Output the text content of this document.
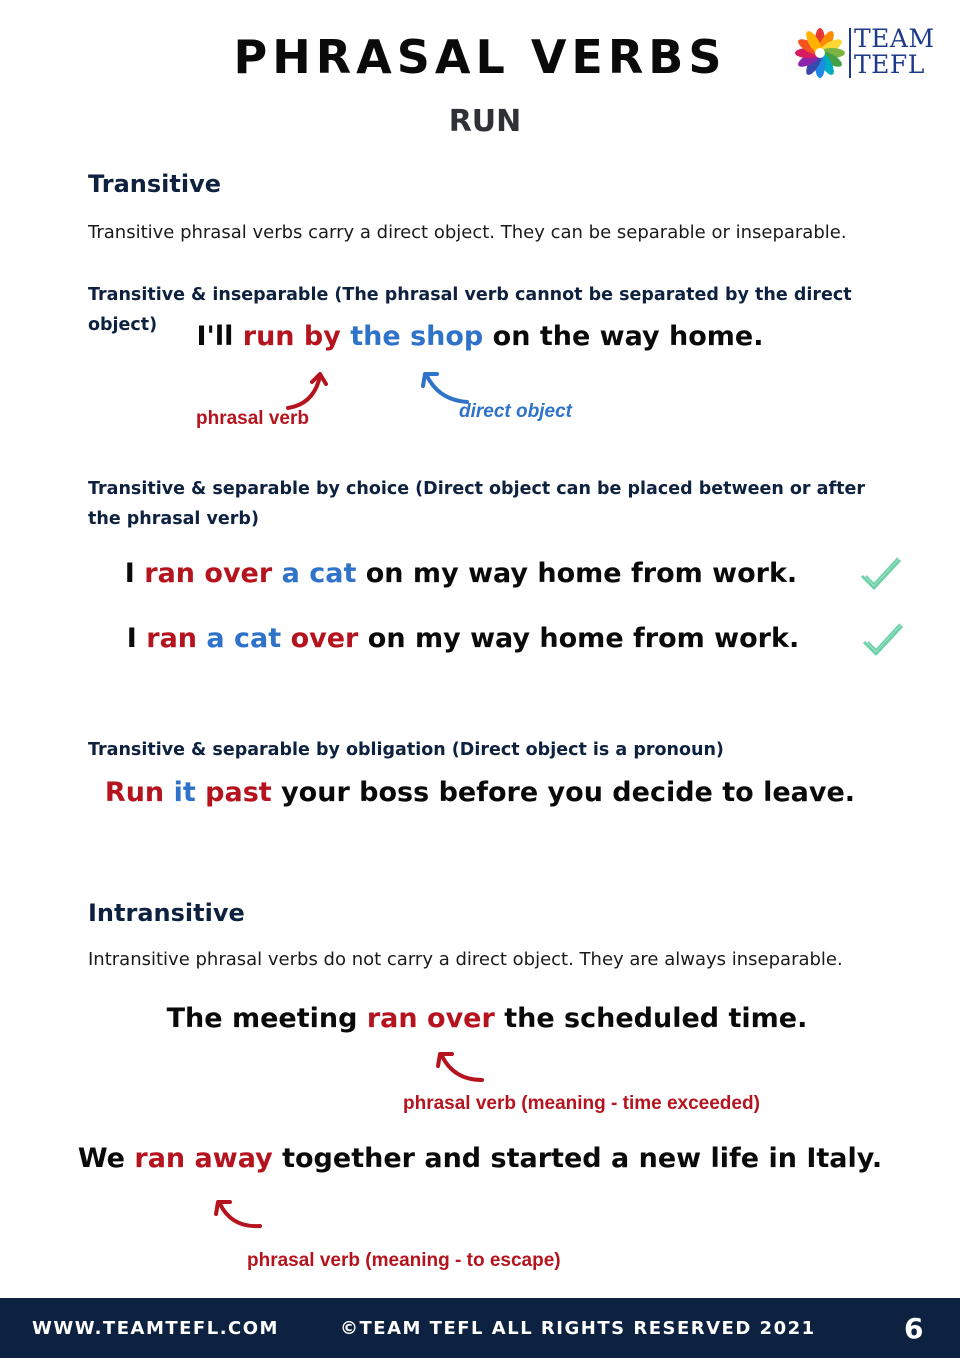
PHRASAL VERBS
RUN
TEAM
TEFL
Transitive
Transitive phrasal verbs carry a direct object. They can be separable or inseparable.
Transitive & inseparable (The phrasal verb cannot be separated by the direct object)	I'll run by the shop on the way home.
phrasal verb	direct object
Transitive & separable by choice (Direct object can be placed between or after the phrasal verb)
I ran over a cat on my way home from work.
I ran a cat over on my way home from work.
Transitive & separable by obligation (Direct object is a pronoun)
Run it past your boss before you decide to leave.
Intransitive
Intransitive phrasal verbs do not carry a direct object. They are always inseparable.
The meeting ran over the scheduled time.
phrasal verb (meaning - time exceeded)
We ran away together and started a new life in Italy.
phrasal verb (meaning - to escape)
WWW.TEAMTEFL.COM	©TEAM TEFL ALL RIGHTS RESERVED 2021	6
